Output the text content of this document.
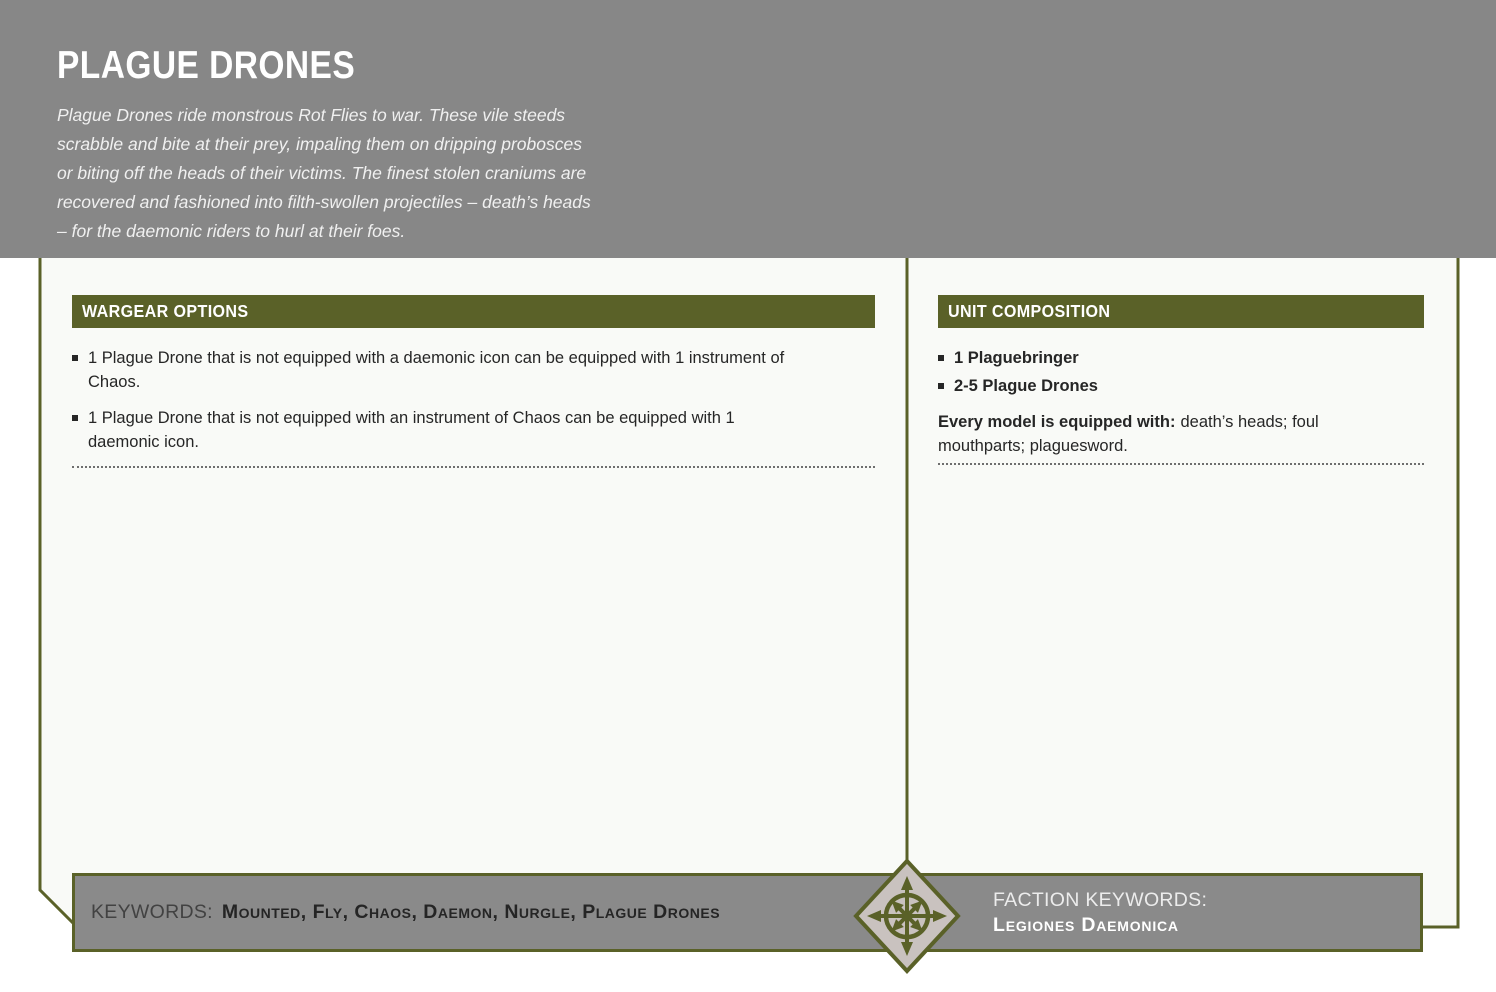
PLAGUE DRONES
Plague Drones ride monstrous Rot Flies to war. These vile steeds
scrabble and bite at their prey, impaling them on dripping probosces
or biting off the heads of their victims. The finest stolen craniums are
recovered and fashioned into filth-swollen projectiles – death’s heads
– for the daemonic riders to hurl at their foes.
WARGEAR OPTIONS
1 Plague Drone that is not equipped with a daemonic icon can be equipped with 1 instrument of Chaos.
1 Plague Drone that is not equipped with an instrument of Chaos can be equipped with 1 daemonic icon.
UNIT COMPOSITION
1 Plaguebringer
2-5 Plague Drones

Every model is equipped with: death’s heads; foul mouthparts; plaguesword.

KEYWORDS: Mounted, Fly, Chaos, Daemon, Nurgle, Plague Drones
FACTION KEYWORDS:
Legiones Daemonica
